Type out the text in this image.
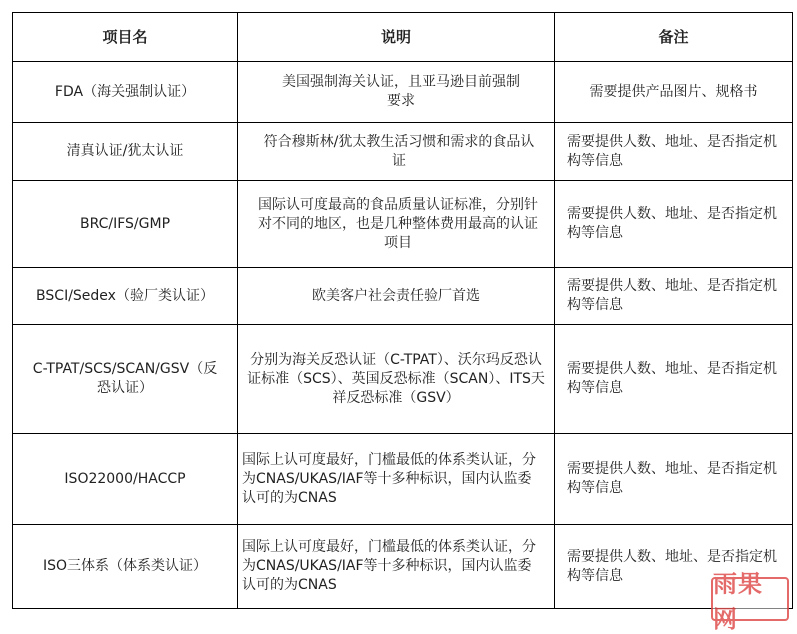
项目名	说明	备注
FDA（海关强制认证）	美国强制海关认证，且亚马逊目前强制要求	需要提供产品图片、规格书
清真认证/犹太认证	符合穆斯林/犹太教生活习惯和需求的食品认证	需要提供人数、地址、是否指定机构等信息
BRC/IFS/GMP	国际认可度最高的食品质量认证标准，分别针对不同的地区，也是几种整体费用最高的认证项目	需要提供人数、地址、是否指定机构等信息
BSCI/Sedex（验厂类认证）	欧美客户社会责任验厂首选	需要提供人数、地址、是否指定机构等信息
C-TPAT/SCS/SCAN/GSV（反恐认证）	分别为海关反恐认证（C-TPAT）、沃尔玛反恐认证标准（SCS）、英国反恐标准（SCAN）、ITS天祥反恐标准（GSV）	需要提供人数、地址、是否指定机构等信息
ISO22000/HACCP	国际上认可度最好，门槛最低的体系类认证，分为CNAS/UKAS/IAF等十多种标识，国内认监委认可的为CNAS	需要提供人数、地址、是否指定机构等信息
ISO三体系（体系类认证）	国际上认可度最好，门槛最低的体系类认证，分为CNAS/UKAS/IAF等十多种标识，国内认监委认可的为CNAS	需要提供人数、地址、是否指定机构等信息	雨果网
